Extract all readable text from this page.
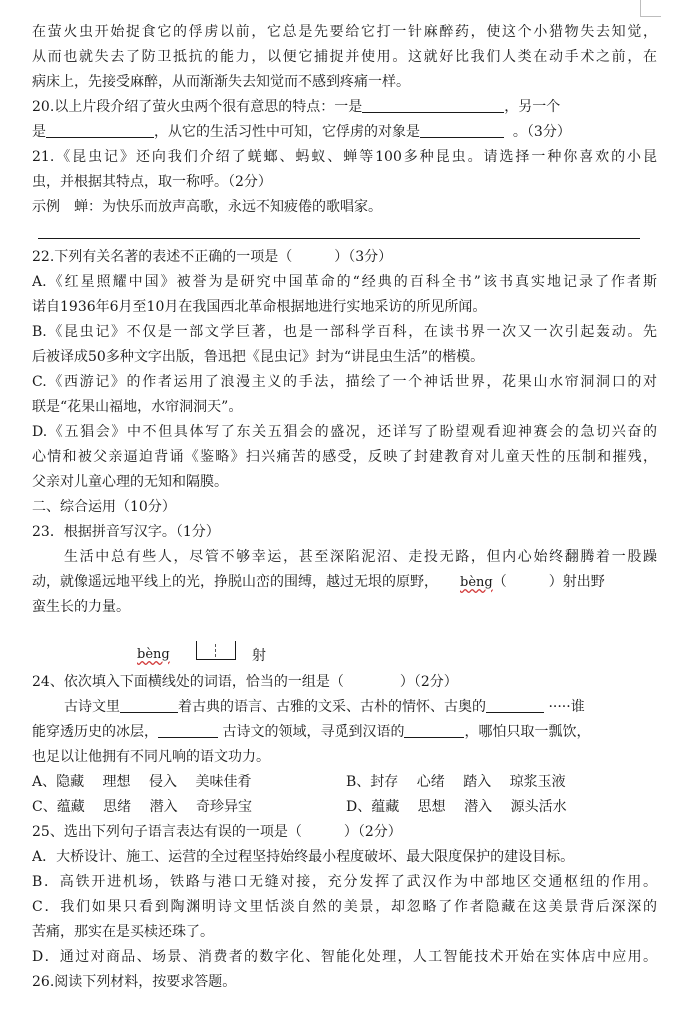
在萤火虫开始捉食它的俘虏以前，它总是先要给它打一针麻醉药，使这个小猎物失去知觉，
从而也就失去了防卫抵抗的能力，以便它捕捉并使用。这就好比我们人类在动手术之前，在
病床上，先接受麻醉，从而渐渐失去知觉而不感到疼痛一样。
20.以上片段介绍了萤火虫两个很有意思的特点：一是	，另一个
是	，从它的生活习性中可知，它俘虏的对象是	。（3分）
21.《昆虫记》还向我们介绍了蜣螂、蚂蚁、蝉等100多种昆虫。请选择一种你喜欢的小昆
虫，并根据其特点，取一称呼。（2分）
示例　蝉：为快乐而放声高歌，永远不知疲倦的歌唱家。
22.下列有关名著的表述不正确的一项是（　　　）（3分）
A.《红星照耀中国》被誉为是研究中国革命的“经典的百科全书”该书真实地记录了作者斯
诺自1936年6月至10月在我国西北革命根据地进行实地采访的所见所闻。
B.《昆虫记》不仅是一部文学巨著，也是一部科学百科，在读书界一次又一次引起轰动。先
后被译成50多种文字出版，鲁迅把《昆虫记》封为“讲昆虫生活”的楷模。
C.《西游记》的作者运用了浪漫主义的手法，描绘了一个神话世界，花果山水帘洞洞口的对
联是“花果山福地，水帘洞洞天”。
D.《五猖会》中不但具体写了东关五猖会的盛况，还详写了盼望观看迎神赛会的急切兴奋的
心情和被父亲逼迫背诵《鉴略》扫兴痛苦的感受，反映了封建教育对儿童天性的压制和摧残，
父亲对儿童心理的无知和隔膜。
二、综合运用（10分）
23．根据拼音写汉字。（1分）
生活中总有些人，尽管不够幸运，甚至深陷泥沼、走投无路，但内心始终翻腾着一股躁
动，就像遥远地平线上的光，挣脱山峦的围缚，越过无垠的原野， bèng（　　　）射出野
蛮生长的力量。
bèng	射
24、依次填入下面横线处的词语，恰当的一组是（　　　　）（2分）
古诗文里	着古典的语言、古雅的文采、古朴的情怀、古奥的	·····谁
能穿透历史的冰层，	古诗文的领域，寻觅到汉语的	，哪怕只取一瓢饮，
也足以让他拥有不同凡响的语文功力。
A、隐藏　 理想　 侵入　 美味佳肴	B、封存　 心绪　 踏入　 琼浆玉液
C、蕴藏　 思绪　 潜入　 奇珍异宝	D、蕴藏　 思想　 潜入　 源头活水
25、选出下列句子语言表达有误的一项是（　　　）（2分）
A．大桥设计、施工、运营的全过程坚持始终最小程度破坏、最大限度保护的建设目标。
B．高铁开进机场，铁路与港口无缝对接，充分发挥了武汉作为中部地区交通枢纽的作用。
C．我们如果只看到陶渊明诗文里恬淡自然的美景，却忽略了作者隐藏在这美景背后深深的
苦痛，那实在是买椟还珠了。
D．通过对商品、场景、消费者的数字化、智能化处理，人工智能技术开始在实体店中应用。
26.阅读下列材料，按要求答题。
